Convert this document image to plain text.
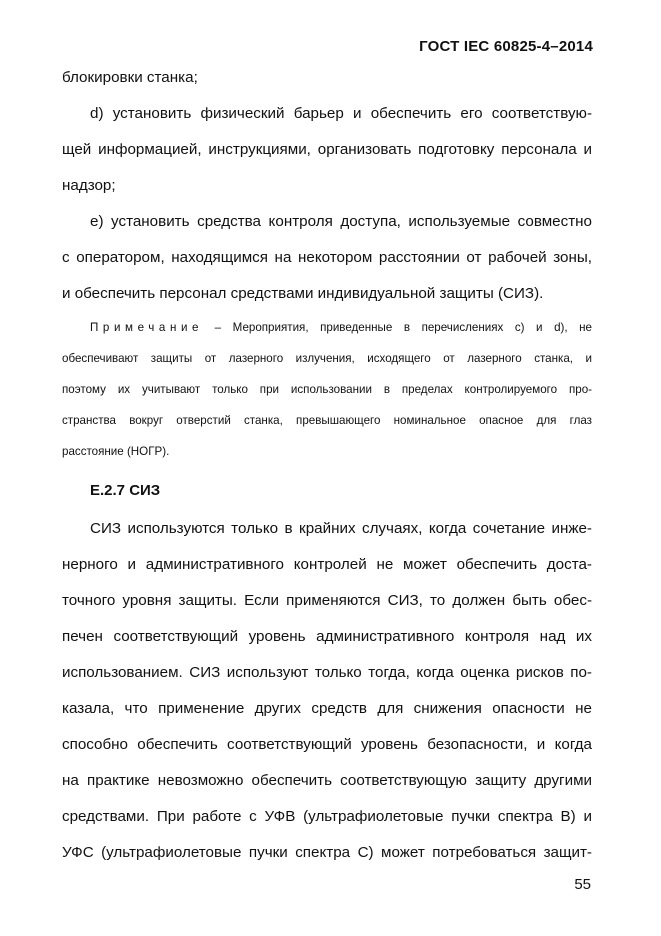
ГОСТ IEC 60825-4–2014
блокировки станка;
d) установить физический барьер и обеспечить его соответствую-
щей информацией, инструкциями, организовать подготовку персонала и
надзор;
e) установить средства контроля доступа, используемые совместно
с оператором, находящимся на некотором расстоянии от рабочей зоны,
и обеспечить персонал средствами индивидуальной защиты (СИЗ).
Примечание – Мероприятия, приведенные в перечислениях c) и d), не
обеспечивают защиты от лазерного излучения, исходящего от лазерного станка, и
поэтому их учитывают только при использовании в пределах контролируемого про-
странства вокруг отверстий станка, превышающего номинальное опасное для глаз
расстояние (НОГР).
Е.2.7 СИЗ
СИЗ используются только в крайних случаях, когда сочетание инже-
нерного и административного контролей не может обеспечить доста-
точного уровня защиты. Если применяются СИЗ, то должен быть обес-
печен соответствующий уровень административного контроля над их
использованием. СИЗ используют только тогда, когда оценка рисков по-
казала, что применение других средств для снижения опасности не
способно обеспечить соответствующий уровень безопасности, и когда
на практике невозможно обеспечить соответствующую защиту другими
средствами. При работе с УФВ (ультрафиолетовые пучки спектра B) и
УФС (ультрафиолетовые пучки спектра C) может потребоваться защит-
55
